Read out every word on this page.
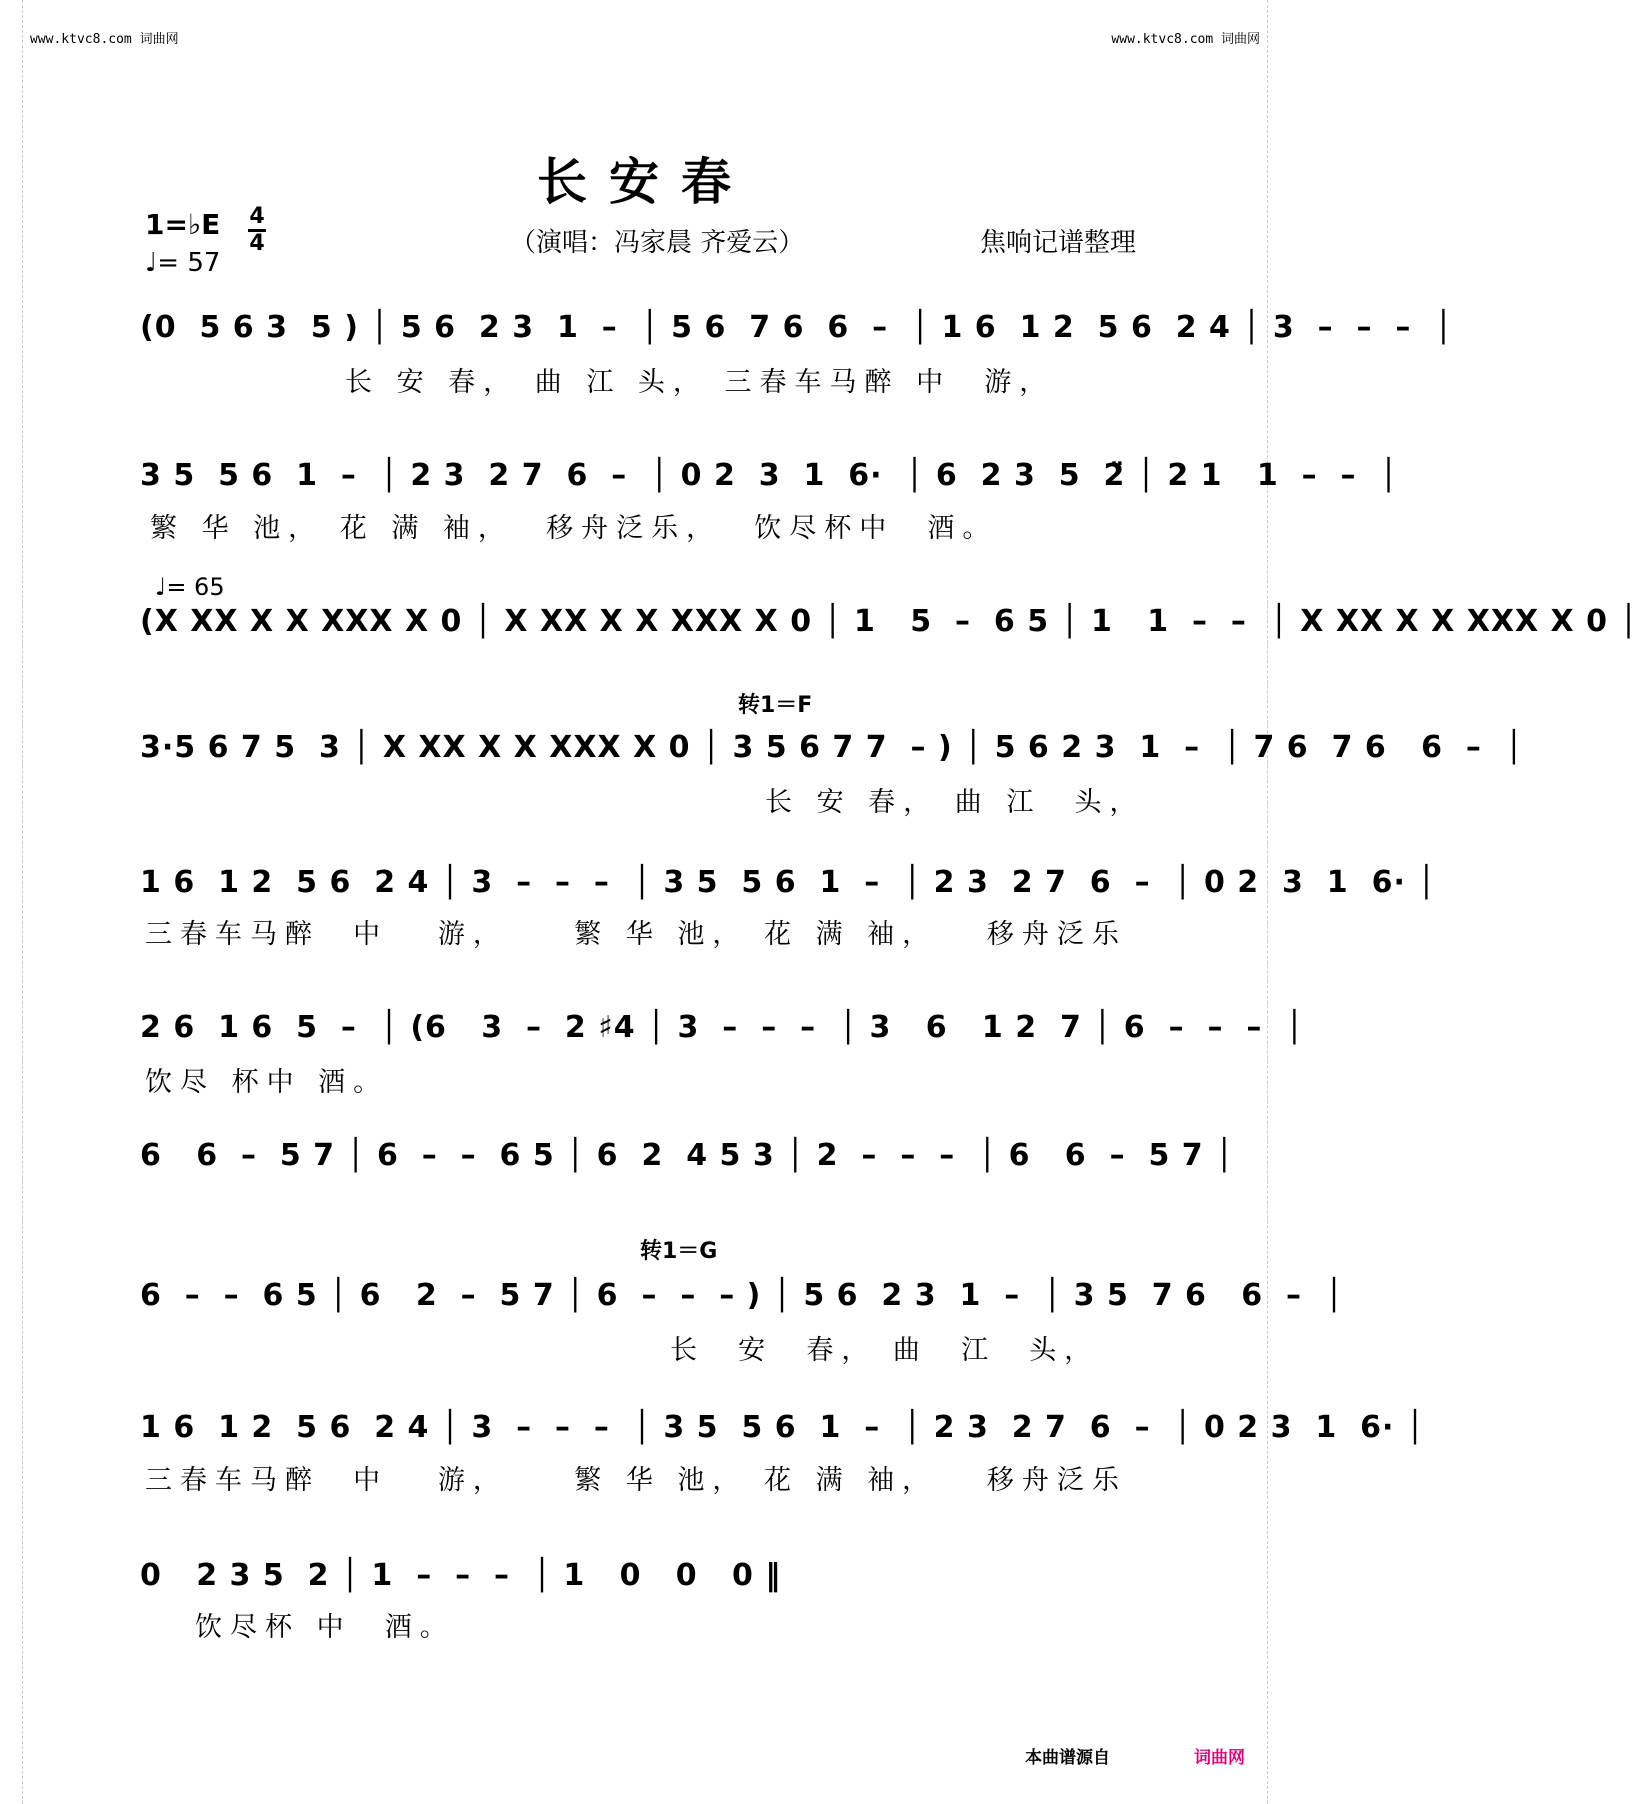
www.ktvc8.com 词曲网	www.ktvc8.com 词曲网
长安春
1=♭E 4
4
♩= 57
（演唱：冯家晨 齐爱云）	焦响记谱整理
(0  5 6 3  5 ) │ 5 6  2 3  1  –  │ 5 6  7 6  6  –  │ 1 6  1 2  5 6  2 4 │ 3  –  –  –  │
长 安 春， 曲 江 头， 三春车马醉 中  游，
3 5  5 6  1  –  │ 2 3  2 7  6  –  │ 0 2  3  1  6·  │ 6  2 3  5  2̈ │ 2 1   1  –  –  │
繁 华 池， 花 满 袖，  移舟泛乐，  饮尽杯中  酒。
♩= 65
(X XX X X XXX X 0 │ X XX X X XXX X 0 │ 1   5  –  6 5 │ 1   1  –  –  │ X XX X X XXX X 0 │
转1＝F
3·5 6 7 5  3 │ X XX X X XXX X 0 │ 3 5 6 7 7  – ) │ 5 6 2 3  1  –  │ 7 6  7 6   6  –  │
长 安 春， 曲 江  头，
1 6  1 2  5 6  2 4 │ 3  –  –  –  │ 3 5  5 6  1  –  │ 2 3  2 7  6  –  │ 0 2  3  1  6· │
三春车马醉  中   游，    繁 华 池， 花 满 袖，   移舟泛乐
2 6  1 6  5  –  │ (6   3  –  2 ♯4 │ 3  –  –  –  │ 3   6   1 2  7 │ 6  –  –  –  │
饮尽 杯中 酒。
6   6  –  5 7 │ 6  –  –  6 5 │ 6  2  4 5 3 │ 2  –  –  –  │ 6   6  –  5 7 │
转1＝G
6  –  –  6 5 │ 6   2  –  5 7 │ 6  –  –  – ) │ 5 6  2 3  1  –  │ 3 5  7 6   6  –  │
长  安  春， 曲  江  头，
1 6  1 2  5 6  2 4 │ 3  –  –  –  │ 3 5  5 6  1  –  │ 2 3  2 7  6  –  │ 0 2 3  1  6· │
三春车马醉  中   游，    繁 华 池， 花 满 袖，   移舟泛乐
0   2 3 5  2 │ 1  –  –  –  │ 1   0   0   0 ‖
饮尽杯 中  酒。
本曲谱源自	词曲网
